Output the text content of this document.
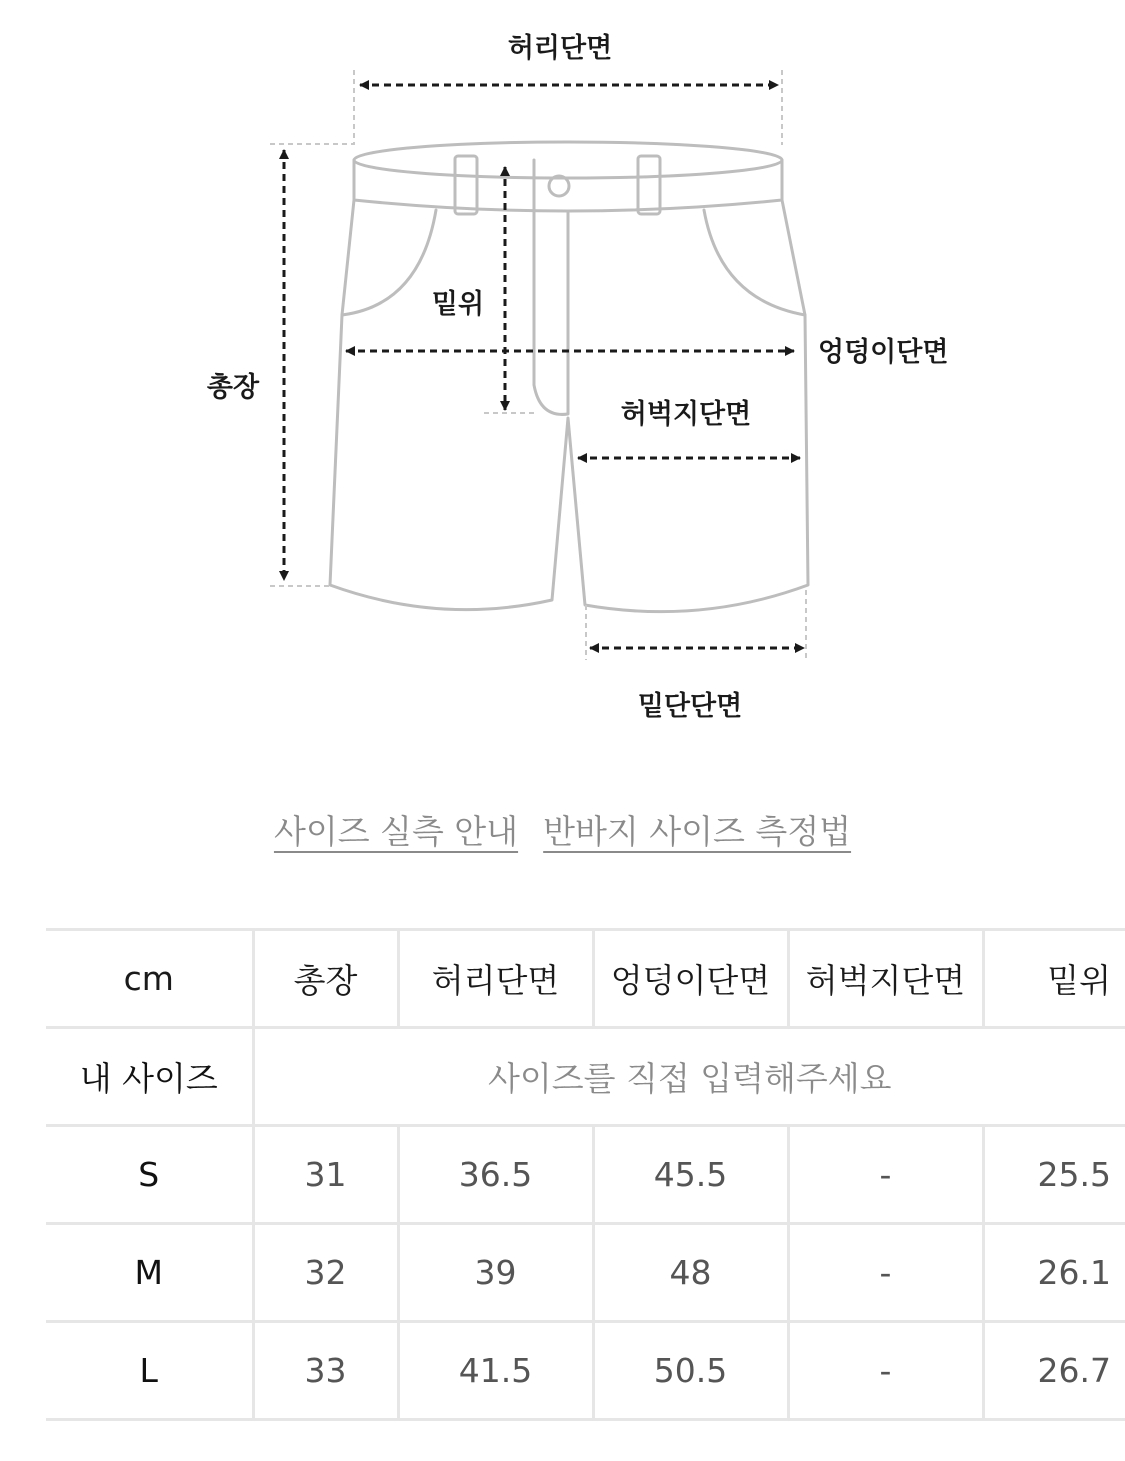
허리단면
밑위
엉덩이단면
총장
허벅지단면
밑단단면
사이즈 실측 안내 반바지 사이즈 측정법
cm	총장	허리단면	엉덩이단면	허벅지단면	밑위
내 사이즈	사이즈를 직접 입력해주세요				
S	31	36.5	45.5	-	25.5
M	32	39	48	-	26.1
L	33	41.5	50.5	-	26.7
